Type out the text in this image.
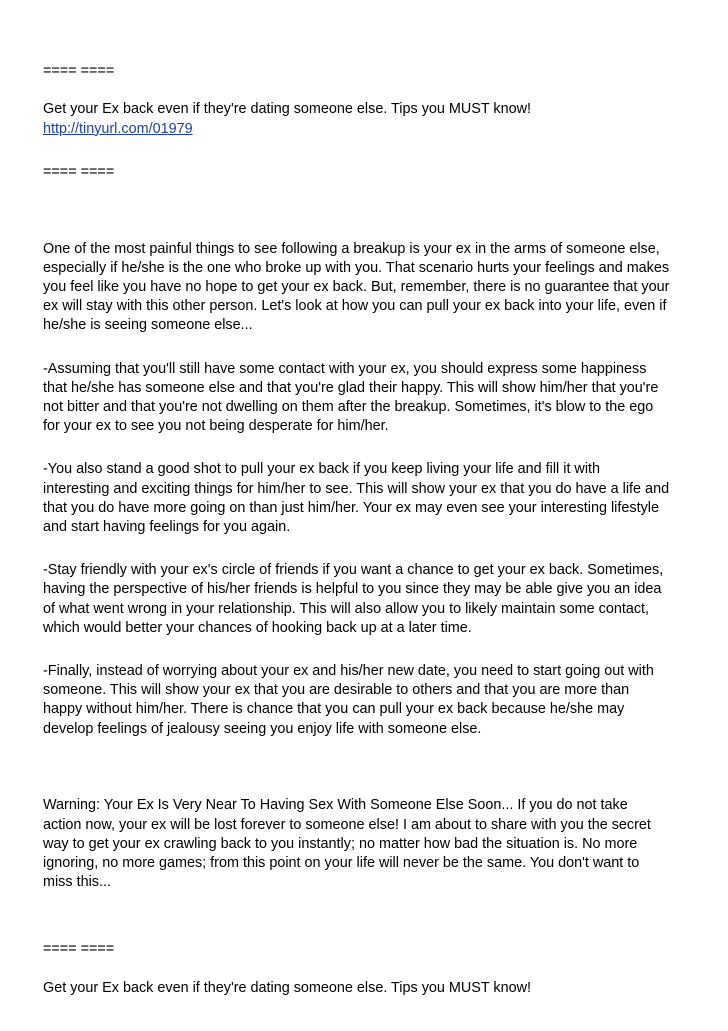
==== ====

Get your Ex back even if they're dating someone else. Tips you MUST know!

http://tinyurl.com/01979

==== ====

One of the most painful things to see following a breakup is your ex in the arms of someone else,
especially if he/she is the one who broke up with you. That scenario hurts your feelings and makes
you feel like you have no hope to get your ex back. But, remember, there is no guarantee that your
ex will stay with this other person. Let's look at how you can pull your ex back into your life, even if
he/she is seeing someone else...
-Assuming that you'll still have some contact with your ex, you should express some happiness
that he/she has someone else and that you're glad their happy. This will show him/her that you're
not bitter and that you're not dwelling on them after the breakup. Sometimes, it's blow to the ego
for your ex to see you not being desperate for him/her.
-You also stand a good shot to pull your ex back if you keep living your life and fill it with
interesting and exciting things for him/her to see. This will show your ex that you do have a life and
that you do have more going on than just him/her. Your ex may even see your interesting lifestyle
and start having feelings for you again.
-Stay friendly with your ex's circle of friends if you want a chance to get your ex back. Sometimes,
having the perspective of his/her friends is helpful to you since they may be able give you an idea
of what went wrong in your relationship. This will also allow you to likely maintain some contact,
which would better your chances of hooking back up at a later time.
-Finally, instead of worrying about your ex and his/her new date, you need to start going out with
someone. This will show your ex that you are desirable to others and that you are more than
happy without him/her. There is chance that you can pull your ex back because he/she may
develop feelings of jealousy seeing you enjoy life with someone else.
Warning: Your Ex Is Very Near To Having Sex With Someone Else Soon... If you do not take
action now, your ex will be lost forever to someone else! I am about to share with you the secret
way to get your ex crawling back to you instantly; no matter how bad the situation is. No more
ignoring, no more games; from this point on your life will never be the same. You don't want to
miss this...

==== ====

Get your Ex back even if they're dating someone else. Tips you MUST know!
